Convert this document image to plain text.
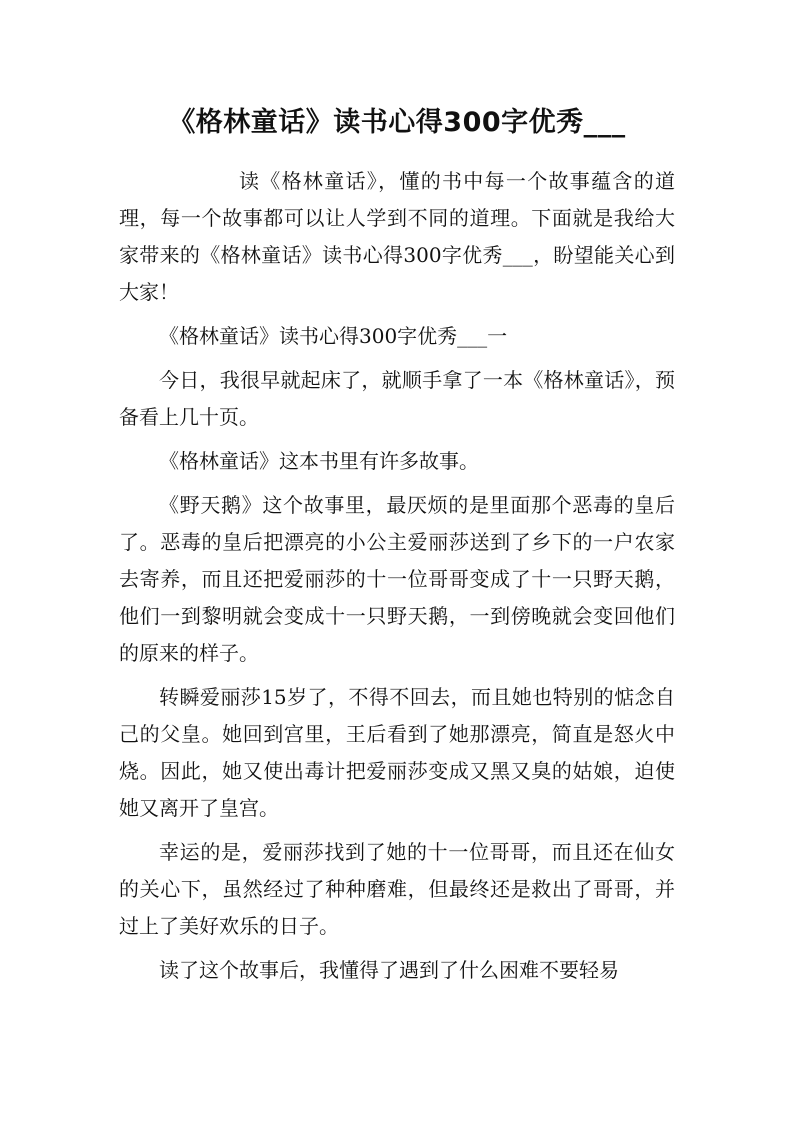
《格林童话》读书心得300字优秀___

读《格林童话》，懂的书中每一个故事蕴含的道理，每一个故事都可以让人学到不同的道理。下面就是我给大家带来的《格林童话》读书心得300字优秀___，盼望能关心到大家！

《格林童话》读书心得300字优秀___一

今日，我很早就起床了，就顺手拿了一本《格林童话》，预备看上几十页。

《格林童话》这本书里有许多故事。

《野天鹅》这个故事里，最厌烦的是里面那个恶毒的皇后了。恶毒的皇后把漂亮的小公主爱丽莎送到了乡下的一户农家去寄养，而且还把爱丽莎的十一位哥哥变成了十一只野天鹅，他们一到黎明就会变成十一只野天鹅，一到傍晚就会变回他们的原来的样子。

转瞬爱丽莎15岁了，不得不回去，而且她也特别的惦念自己的父皇。她回到宫里，王后看到了她那漂亮，简直是怒火中烧。因此，她又使出毒计把爱丽莎变成又黑又臭的姑娘，迫使她又离开了皇宫。

幸运的是，爱丽莎找到了她的十一位哥哥，而且还在仙女的关心下，虽然经过了种种磨难，但最终还是救出了哥哥，并过上了美好欢乐的日子。

读了这个故事后，我懂得了遇到了什么困难不要轻易
